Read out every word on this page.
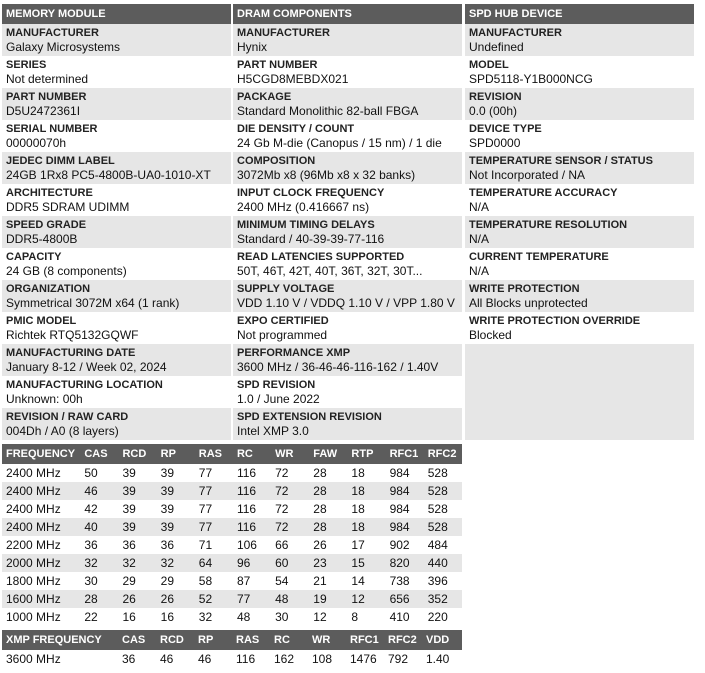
MEMORY MODULE
MANUFACTURER
Galaxy Microsystems
SERIES
Not determined
PART NUMBER
D5U2472361I
SERIAL NUMBER
00000070h
JEDEC DIMM LABEL
24GB 1Rx8 PC5-4800B-UA0-1010-XT
ARCHITECTURE
DDR5 SDRAM UDIMM
SPEED GRADE
DDR5-4800B
CAPACITY
24 GB (8 components)
ORGANIZATION
Symmetrical 3072M x64 (1 rank)
PMIC MODEL
Richtek RTQ5132GQWF
MANUFACTURING DATE
January 8-12 / Week 02, 2024
MANUFACTURING LOCATION
Unknown: 00h
REVISION / RAW CARD
004Dh / A0 (8 layers)
DRAM COMPONENTS
MANUFACTURER
Hynix
PART NUMBER
H5CGD8MEBDX021
PACKAGE
Standard Monolithic 82-ball FBGA
DIE DENSITY / COUNT
24 Gb M-die (Canopus / 15 nm) / 1 die
COMPOSITION
3072Mb x8 (96Mb x8 x 32 banks)
INPUT CLOCK FREQUENCY
2400 MHz (0.416667 ns)
MINIMUM TIMING DELAYS
Standard / 40-39-39-77-116
READ LATENCIES SUPPORTED
50T, 46T, 42T, 40T, 36T, 32T, 30T...
SUPPLY VOLTAGE
VDD 1.10 V / VDDQ 1.10 V / VPP 1.80 V
EXPO CERTIFIED
Not programmed
PERFORMANCE XMP
3600 MHz / 36-46-46-116-162 / 1.40V
SPD REVISION
1.0 / June 2022
SPD EXTENSION REVISION
Intel XMP 3.0
SPD HUB DEVICE
MANUFACTURER
Undefined
MODEL
SPD5118-Y1B000NCG
REVISION
0.0 (00h)
DEVICE TYPE
SPD0000
TEMPERATURE SENSOR / STATUS
Not Incorporated / NA
TEMPERATURE ACCURACY
N/A
TEMPERATURE RESOLUTION
N/A
CURRENT TEMPERATURE
N/A
WRITE PROTECTION
All Blocks unprotected
WRITE PROTECTION OVERRIDE
Blocked
FREQUENCY	CAS	RCD	RP	RAS	RC	WR	FAW	RTP	RFC1	RFC2
2400 MHz	50	39	39	77	116	72	28	18	984	528
2400 MHz	46	39	39	77	116	72	28	18	984	528
2400 MHz	42	39	39	77	116	72	28	18	984	528
2400 MHz	40	39	39	77	116	72	28	18	984	528
2200 MHz	36	36	36	71	106	66	26	17	902	484
2000 MHz	32	32	32	64	96	60	23	15	820	440
1800 MHz	30	29	29	58	87	54	21	14	738	396
1600 MHz	28	26	26	52	77	48	19	12	656	352
1000 MHz	22	16	16	32	48	30	12	8	410	220
XMP FREQUENCY	CAS	RCD	RP	RAS	RC	WR	RFC1	RFC2	VDD
3600 MHz	36	46	46	116	162	108	1476	792	1.40
